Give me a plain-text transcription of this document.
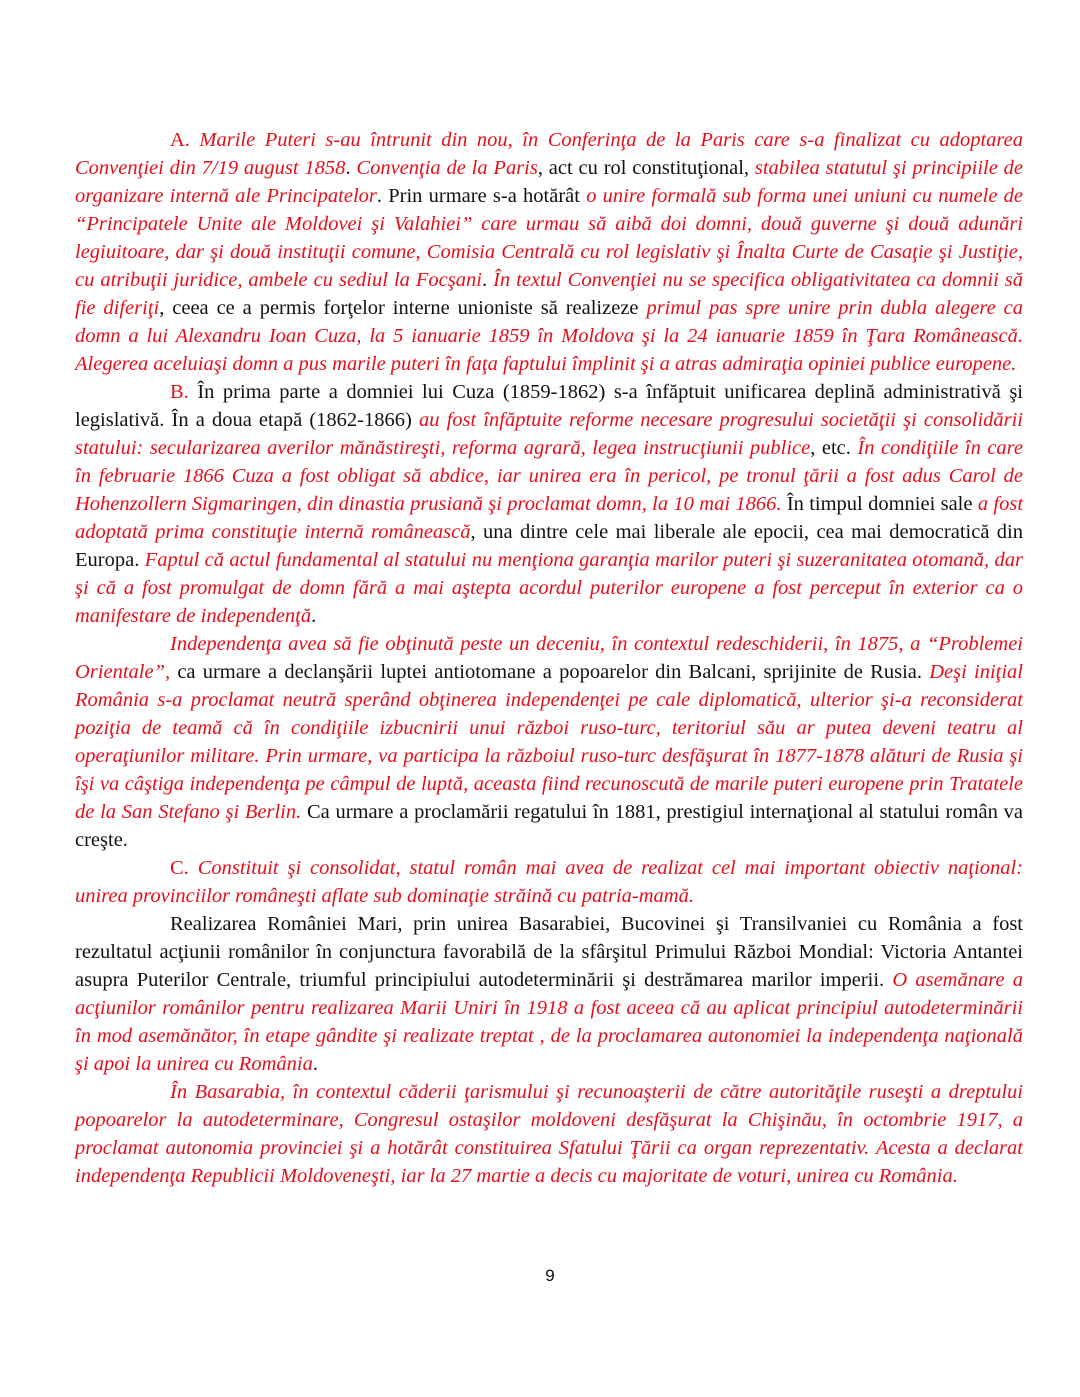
A. Marile Puteri s-au întrunit din nou, în Conferinţa de la Paris care s-a finalizat cu adoptarea Convenţiei din 7/19 august 1858. Convenţia de la Paris, act cu rol constituţional, stabilea statutul şi principiile de organizare internă ale Principatelor. Prin urmare s-a hotărât o unire formală sub forma unei uniuni cu numele de “Principatele Unite ale Moldovei şi Valahiei” care urmau să aibă doi domni, două guverne şi două adunări legiuitoare, dar şi două instituţii comune, Comisia Centrală cu rol legislativ şi Înalta Curte de Casaţie şi Justiţie, cu atribuţii juridice, ambele cu sediul la Focşani. În textul Convenţiei nu se specifica obligativitatea ca domnii să fie diferiţi, ceea ce a permis forţelor interne unioniste să realizeze primul pas spre unire prin dubla alegere ca domn a lui Alexandru Ioan Cuza, la 5 ianuarie 1859 în Moldova şi la 24 ianuarie 1859 în Ţara Românească. Alegerea aceluiaşi domn a pus marile puteri în faţa faptului împlinit şi a atras admiraţia opiniei publice europene.

B. În prima parte a domniei lui Cuza (1859-1862) s-a înfăptuit unificarea deplină administrativă şi legislativă. În a doua etapă (1862-1866) au fost înfăptuite reforme necesare progresului societăţii şi consolidării statului: secularizarea averilor mănăstireşti, reforma agrară, legea instrucţiunii publice, etc. În condiţiile în care în februarie 1866 Cuza a fost obligat să abdice, iar unirea era în pericol, pe tronul ţării a fost adus Carol de Hohenzollern Sigmaringen, din dinastia prusiană şi proclamat domn, la 10 mai 1866. În timpul domniei sale a fost adoptată prima constituţie internă românească, una dintre cele mai liberale ale epocii, cea mai democratică din Europa. Faptul că actul fundamental al statului nu menţiona garanţia marilor puteri şi suzeranitatea otomană, dar şi că a fost promulgat de domn fără a mai aştepta acordul puterilor europene a fost perceput în exterior ca o manifestare de independenţă.

Independenţa avea să fie obţinută peste un deceniu, în contextul redeschiderii, în 1875, a “Problemei Orientale”, ca urmare a declanşării luptei antiotomane a popoarelor din Balcani, sprijinite de Rusia. Deşi iniţial România s-a proclamat neutră sperând obţinerea independenţei pe cale diplomatică, ulterior şi-a reconsiderat poziţia de teamă că în condiţiile izbucnirii unui război ruso-turc, teritoriul său ar putea deveni teatru al operaţiunilor militare. Prin urmare, va participa la războiul ruso-turc desfăşurat în 1877-1878 alături de Rusia şi îşi va câştiga independenţa pe câmpul de luptă, aceasta fiind recunoscută de marile puteri europene prin Tratatele de la San Stefano şi Berlin. Ca urmare a proclamării regatului în 1881, prestigiul internaţional al statului român va creşte.

C. Constituit şi consolidat, statul român mai avea de realizat cel mai important obiectiv naţional: unirea provinciilor româneşti aflate sub dominaţie străină cu patria-mamă.

Realizarea României Mari, prin unirea Basarabiei, Bucovinei şi Transilvaniei cu România a fost rezultatul acţiunii românilor în conjunctura favorabilă de la sfârşitul Primului Război Mondial: Victoria Antantei asupra Puterilor Centrale, triumful principiului autodeterminării şi destrămarea marilor imperii. O asemănare a acţiunilor românilor pentru realizarea Marii Uniri în 1918 a fost aceea că au aplicat principiul autodeterminării în mod asemănător, în etape gândite şi realizate treptat , de la proclamarea autonomiei la independenţa naţională şi apoi la unirea cu România.

În Basarabia, în contextul căderii ţarismului şi recunoaşterii de către autorităţile ruseşti a dreptului popoarelor la autodeterminare, Congresul ostaşilor moldoveni desfăşurat la Chişinău, în octombrie 1917, a proclamat autonomia provinciei şi a hotărât constituirea Sfatului Ţării ca organ reprezentativ. Acesta a declarat independenţa Republicii Moldoveneşti, iar la 27 martie a decis cu majoritate de voturi, unirea cu România.

9
